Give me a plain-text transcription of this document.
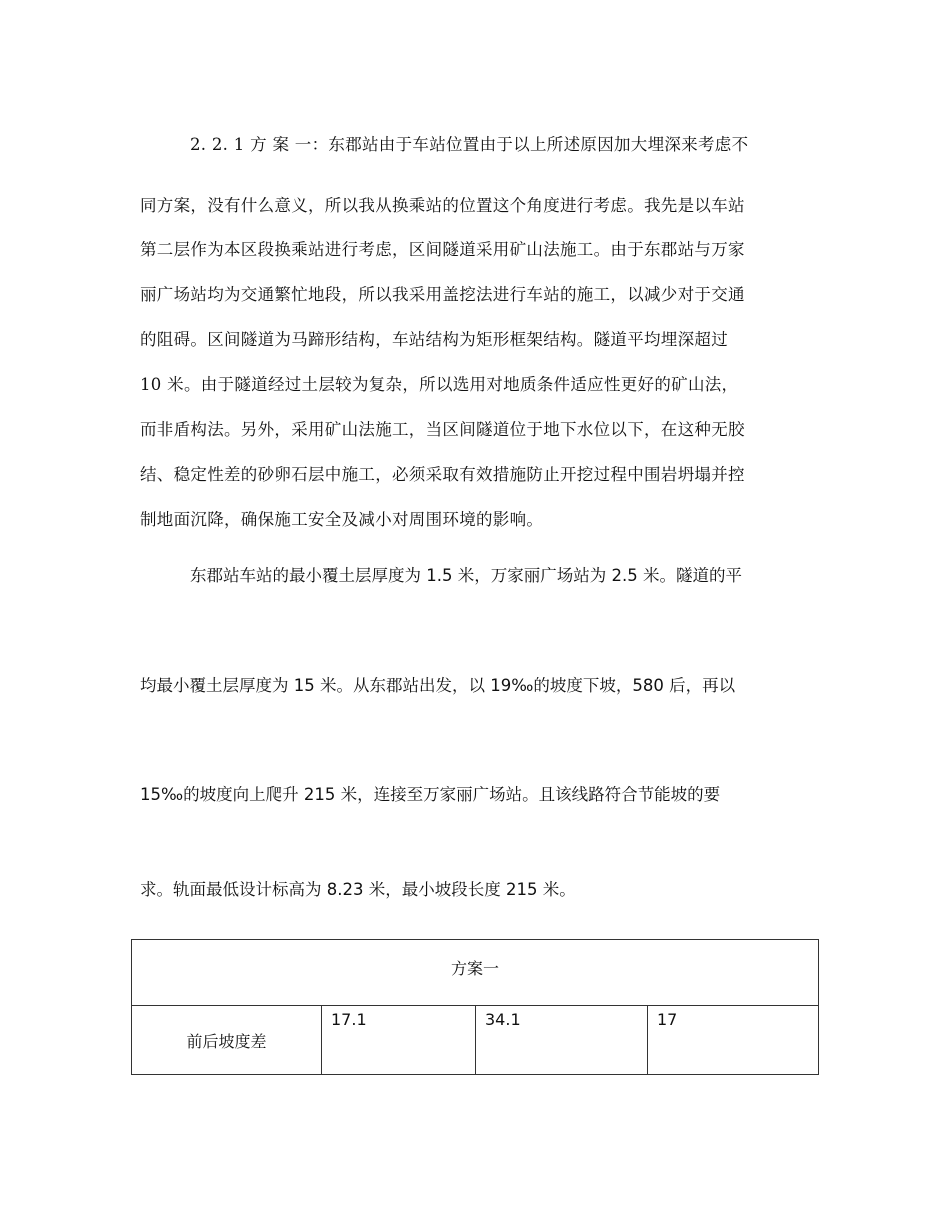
2. 2. 1 方 案 一：东郡站由于车站位置由于以上所述原因加大埋深来考虑不
同方案，没有什么意义，所以我从换乘站的位置这个角度进行考虑。我先是以车站
第二层作为本区段换乘站进行考虑，区间隧道采用矿山法施工。由于东郡站与万家
丽广场站均为交通繁忙地段，所以我采用盖挖法进行车站的施工，以减少对于交通
的阻碍。区间隧道为马蹄形结构，车站结构为矩形框架结构。隧道平均埋深超过
10 米。由于隧道经过土层较为复杂，所以选用对地质条件适应性更好的矿山法，
而非盾构法。另外，采用矿山法施工，当区间隧道位于地下水位以下，在这种无胶
结、稳定性差的砂卵石层中施工，必须采取有效措施防止开挖过程中围岩坍塌并控
制地面沉降，确保施工安全及减小对周围环境的影响。
东郡站车站的最小覆土层厚度为 1.5 米，万家丽广场站为 2.5 米。隧道的平
均最小覆土层厚度为 15 米。从东郡站出发，以 19‰的坡度下坡，580 后，再以
15‰的坡度向上爬升 215 米，连接至万家丽广场站。且该线路符合节能坡的要
求。轨面最低设计标高为 8.23 米，最小坡段长度 215 米。
方案一
前后坡度差	17.1	34.1	17
